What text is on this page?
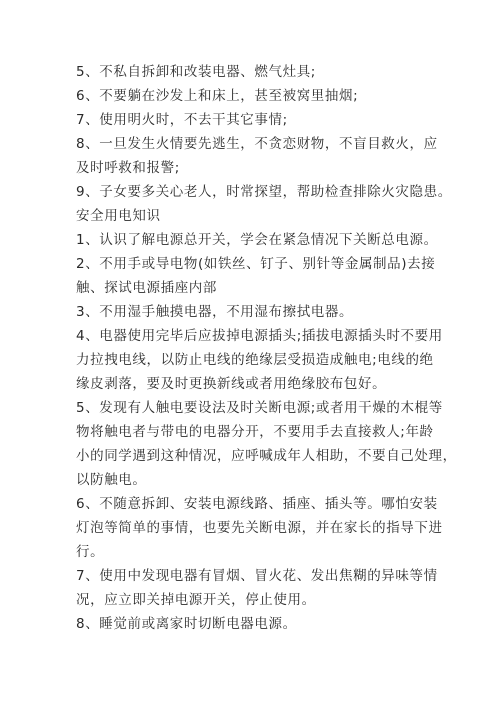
5、不私自拆卸和改装电器、燃气灶具;
6、不要躺在沙发上和床上，甚至被窝里抽烟;
7、使用明火时，不去干其它事情;
8、一旦发生火情要先逃生，不贪恋财物，不盲目救火，应
及时呼救和报警;
9、子女要多关心老人，时常探望，帮助检查排除火灾隐患。
安全用电知识
1、认识了解电源总开关，学会在紧急情况下关断总电源。
2、不用手或导电物(如铁丝、钉子、别针等金属制品)去接
触、探试电源插座内部
3、不用湿手触摸电器，不用湿布擦拭电器。
4、电器使用完毕后应拔掉电源插头;插拔电源插头时不要用
力拉拽电线，以防止电线的绝缘层受损造成触电;电线的绝
缘皮剥落，要及时更换新线或者用绝缘胶布包好。
5、发现有人触电要设法及时关断电源;或者用干燥的木棍等
物将触电者与带电的电器分开，不要用手去直接救人;年龄
小的同学遇到这种情况，应呼喊成年人相助，不要自己处理，
以防触电。
6、不随意拆卸、安装电源线路、插座、插头等。哪怕安装
灯泡等简单的事情，也要先关断电源，并在家长的指导下进
行。
7、使用中发现电器有冒烟、冒火花、发出焦糊的异味等情
况，应立即关掉电源开关，停止使用。
8、睡觉前或离家时切断电器电源。
